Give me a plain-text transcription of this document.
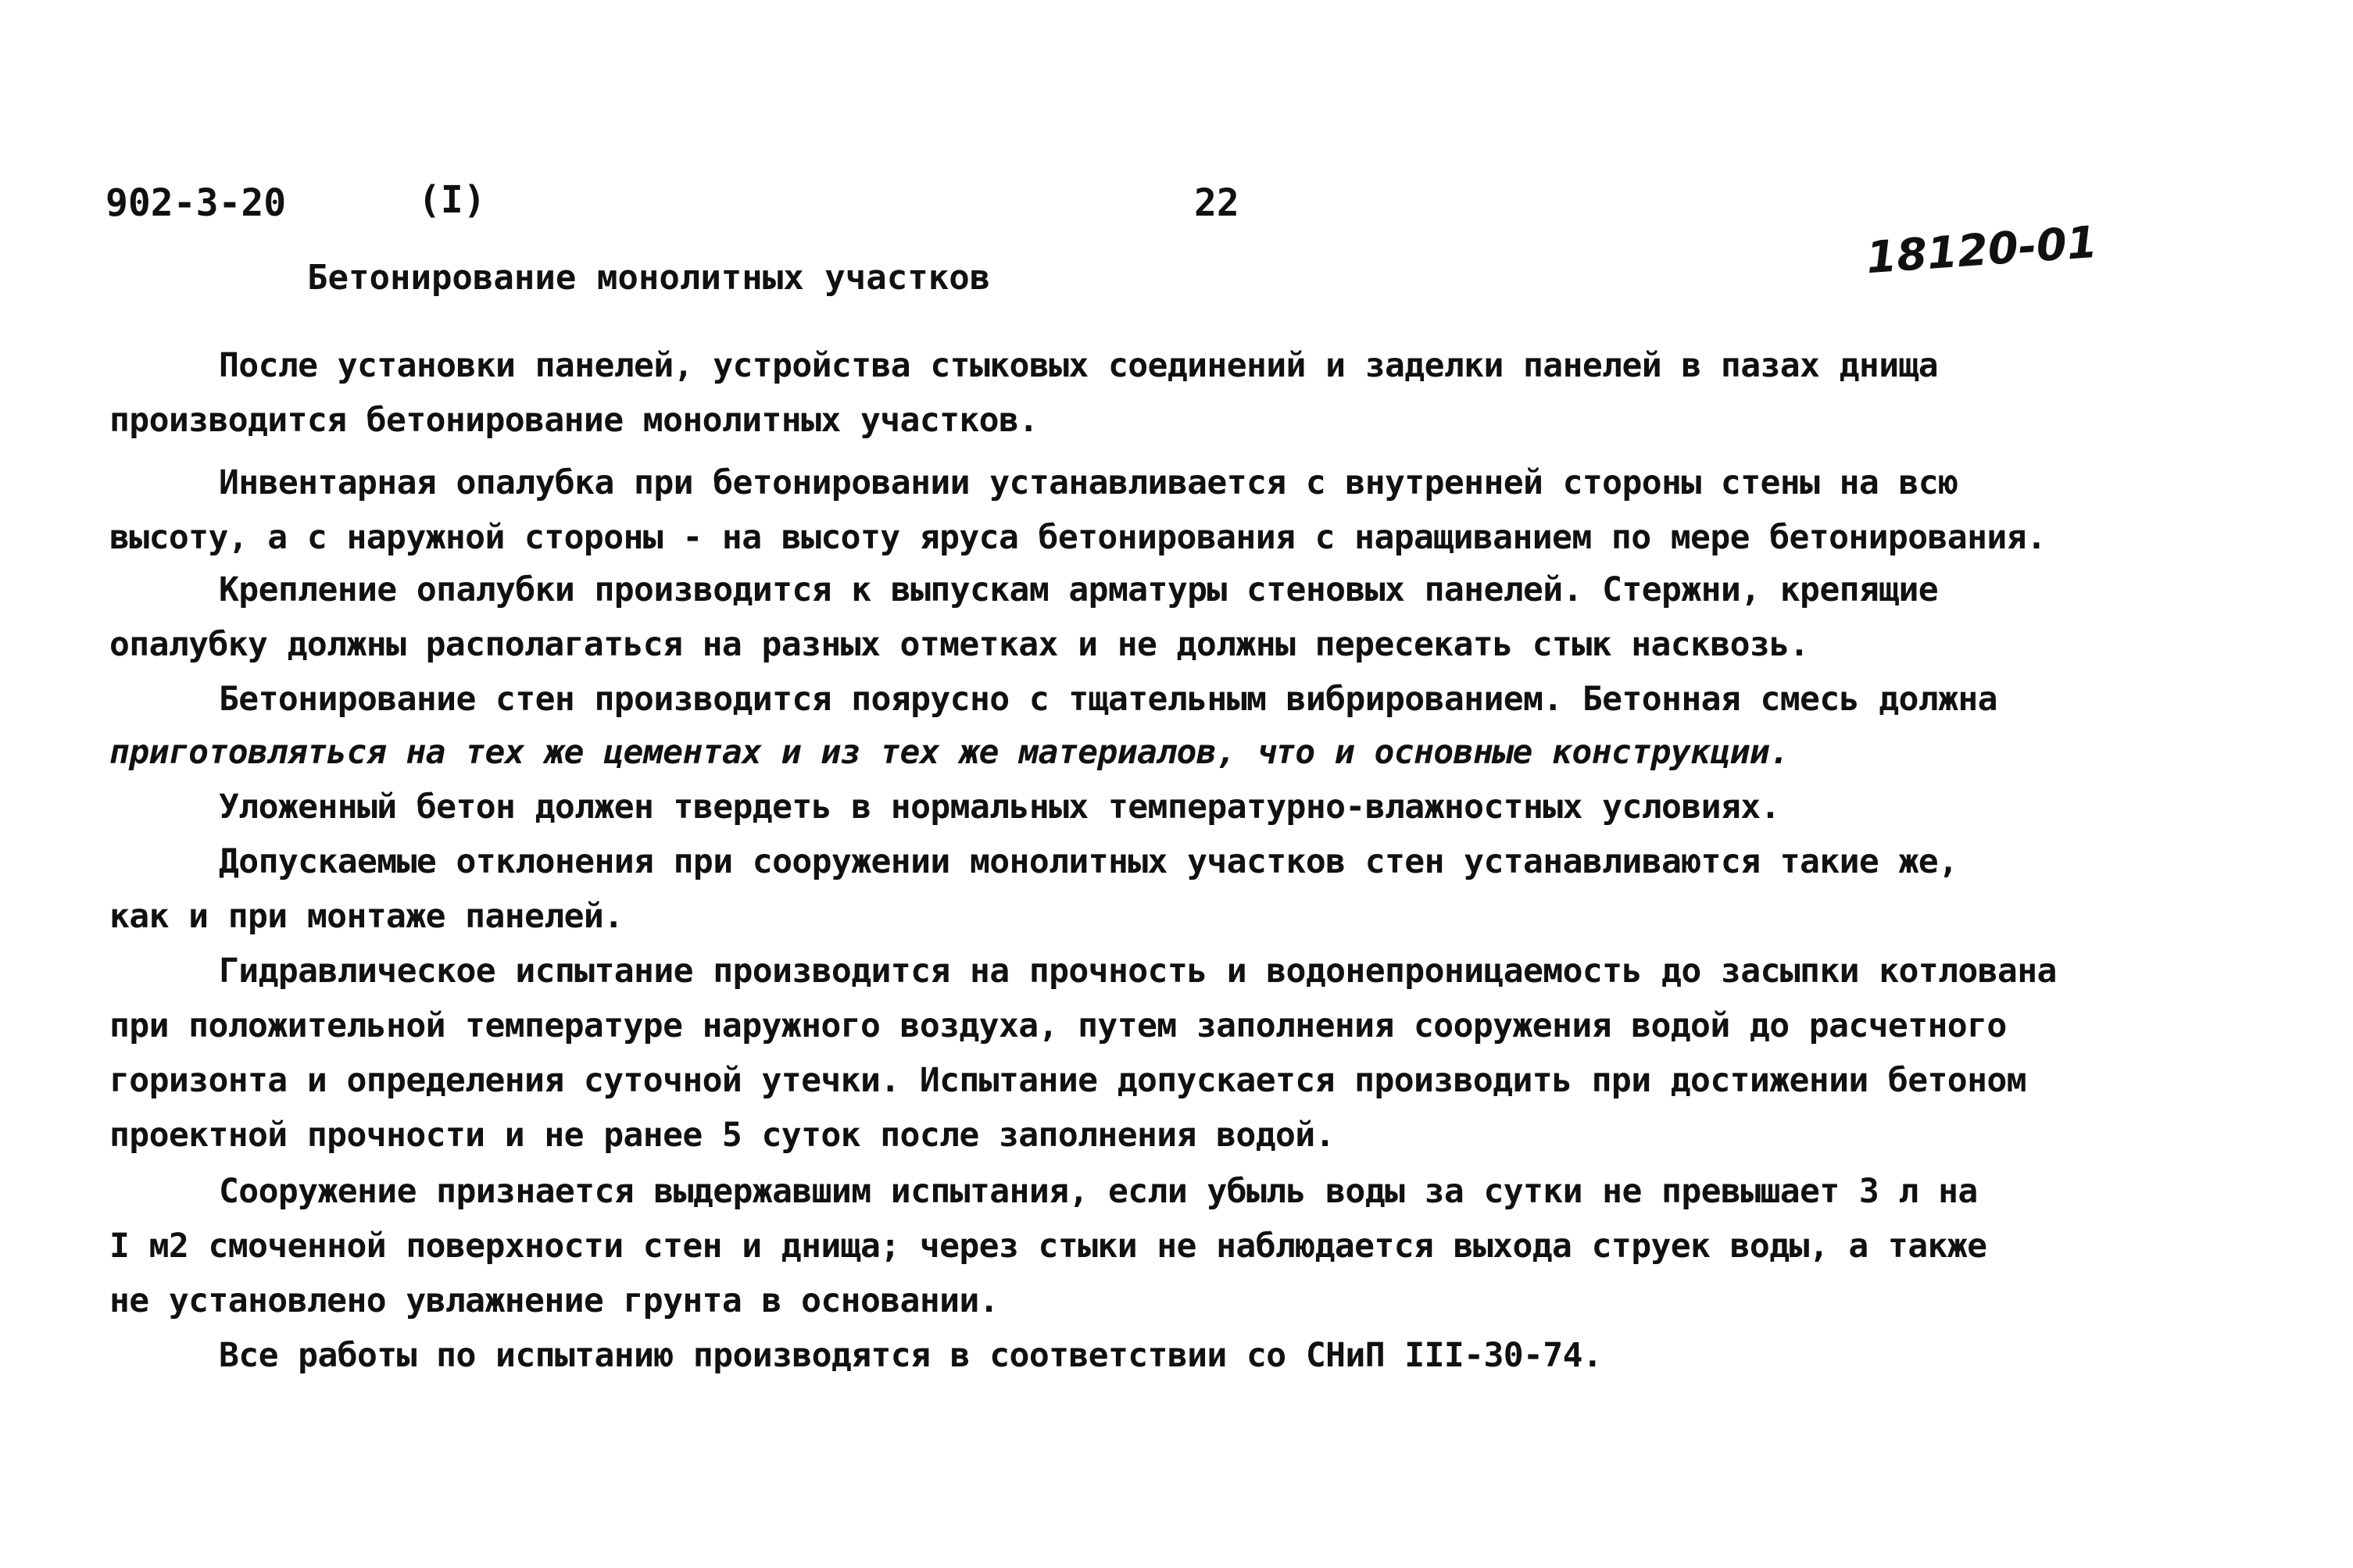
902-3-20	(I)	22
18120-01
Бетонирование монолитных участков
После установки панелей, устройства стыковых соединений и заделки панелей в пазах днища
производится бетонирование монолитных участков.
Инвентарная опалубка при бетонировании устанавливается с внутренней стороны стены на всю
высоту, а с наружной стороны - на высоту яруса бетонирования с наращиванием по мере бетонирования.
Крепление опалубки производится к выпускам арматуры стеновых панелей. Стержни, крепящие
опалубку должны располагаться на разных отметках и не должны пересекать стык насквозь.
Бетонирование стен производится поярусно с тщательным вибрированием. Бетонная смесь должна
приготовляться на тех же цементах и из тех же материалов, что и основные конструкции.
Уложенный бетон должен твердеть в нормальных температурно-влажностных условиях.
Допускаемые отклонения при сооружении монолитных участков стен устанавливаются такие же,
как и при монтаже панелей.
Гидравлическое испытание производится на прочность и водонепроницаемость до засыпки котлована
при положительной температуре наружного воздуха, путем заполнения сооружения водой до расчетного
горизонта и определения суточной утечки. Испытание допускается производить при достижении бетоном
проектной прочности и не ранее 5 суток после заполнения водой.
Сооружение признается выдержавшим испытания, если убыль воды за сутки не превышает 3 л на
I м2 смоченной поверхности стен и днища; через стыки не наблюдается выхода струек воды, а также
не установлено увлажнение грунта в основании.
Все работы по испытанию производятся в соответствии со СНиП III-30-74.
